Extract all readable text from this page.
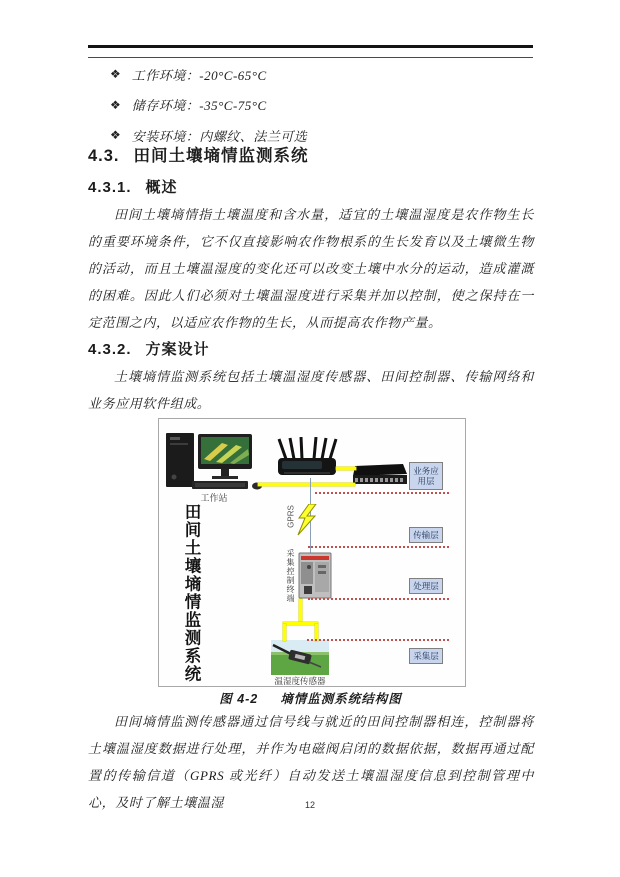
❖ 工作环境：-20°C-65°C
❖ 储存环境：-35°C-75°C
❖ 安装环境：内螺纹、法兰可选
4.3. 田间土壤墒情监测系统
4.3.1. 概述

田间土壤墒情指土壤温度和含水量，适宜的土壤温湿度是农作物生长的重要环境条件，它不仅直接影响农作物根系的生长发育以及土壤微生物的活动，而且土壤温湿度的变化还可以改变土壤中水分的运动，造成灌溉的困难。因此人们必须对土壤温湿度进行采集并加以控制，使之保持在一定范围之内，以适应农作物的生长，从而提高农作物产量。

4.3.2. 方案设计

土壤墒情监测系统包括土壤温湿度传感器、田间控制器、传输网络和业务应用软件组成。

工作站
田间土壤墒情监测系统	GPRS
采集控制终端
温湿度传感器
业务应用层
传输层
处理层
采集层
图 4-2 墒情监测系统结构图

田间墒情监测传感器通过信号线与就近的田间控制器相连，控制器将土壤温湿度数据进行处理，并作为电磁阀启闭的数据依据，数据再通过配置的传输信道（GPRS 或光纤）自动发送土壤温湿度信息到控制管理中心，及时了解土壤温湿	12
